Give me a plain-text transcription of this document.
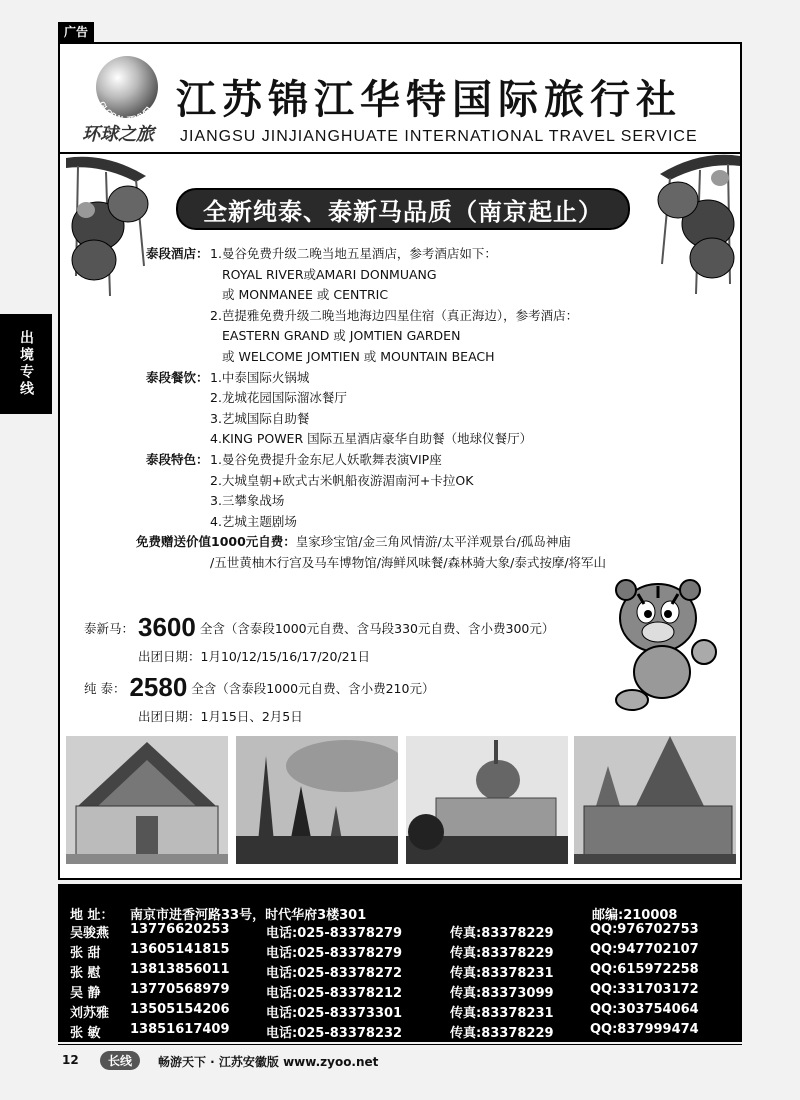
广告
出境专线
GLOBAL TRAVEL
环球之旅
江苏锦江华特国际旅行社
JIANGSU JINJIANGHUATE INTERNATIONAL TRAVEL SERVICE
全新纯泰、泰新马品质（南京起止）
泰段酒店：1.曼谷免费升级二晚当地五星酒店，参考酒店如下：
ROYAL RIVER或AMARI DONMUANG
或 MONMANEE 或 CENTRIC
2.芭提雅免费升级二晚当地海边四星住宿（真正海边），参考酒店：
EASTERN GRAND 或 JOMTIEN GARDEN
或 WELCOME JOMTIEN 或 MOUNTAIN BEACH
泰段餐饮：1.中泰国际火锅城
2.龙城花园国际溜冰餐厅
3.艺城国际自助餐
4.KING POWER 国际五星酒店豪华自助餐（地球仪餐厅）
泰段特色：1.曼谷免费提升金东尼人妖歌舞表演VIP座
2.大城皇朝+欧式古米帆船夜游湄南河+卡拉OK
3.三攀象战场
4.艺城主题剧场
免费赠送价值1000元自费：皇家珍宝馆/金三角风情游/太平洋观景台/孤岛神庙
/五世黄柚木行宫及马车博物馆/海鲜风味餐/森林骑大象/泰式按摩/将军山
泰新马： 3600 全含（含泰段1000元自费、含马段330元自费、含小费300元）
出团日期：1月10/12/15/16/17/20/21日
纯 泰： 2580 全含（含泰段1000元自费、含小费210元）
出团日期：1月15日、2月5日
地 址： 南京市进香河路33号，时代华府3楼301	邮编:210008
吴骏燕 13776620253	电话:025-83378279	传真:83378229	QQ:976702753
张 甜 13605141815	电话:025-83378279	传真:83378229	QQ:947702107
张 慰 13813856011	电话:025-83378272	传真:83378231	QQ:615972258
吴 静 13770568979	电话:025-83378212	传真:83373099	QQ:331703172
刘苏雅 13505154206	电话:025-83373301	传真:83378231	QQ:303754064
张 敏 13851617409	电话:025-83378232	传真:83378229	QQ:837999474
12	长线	畅游天下 · 江苏安徽版 www.zyoo.net
